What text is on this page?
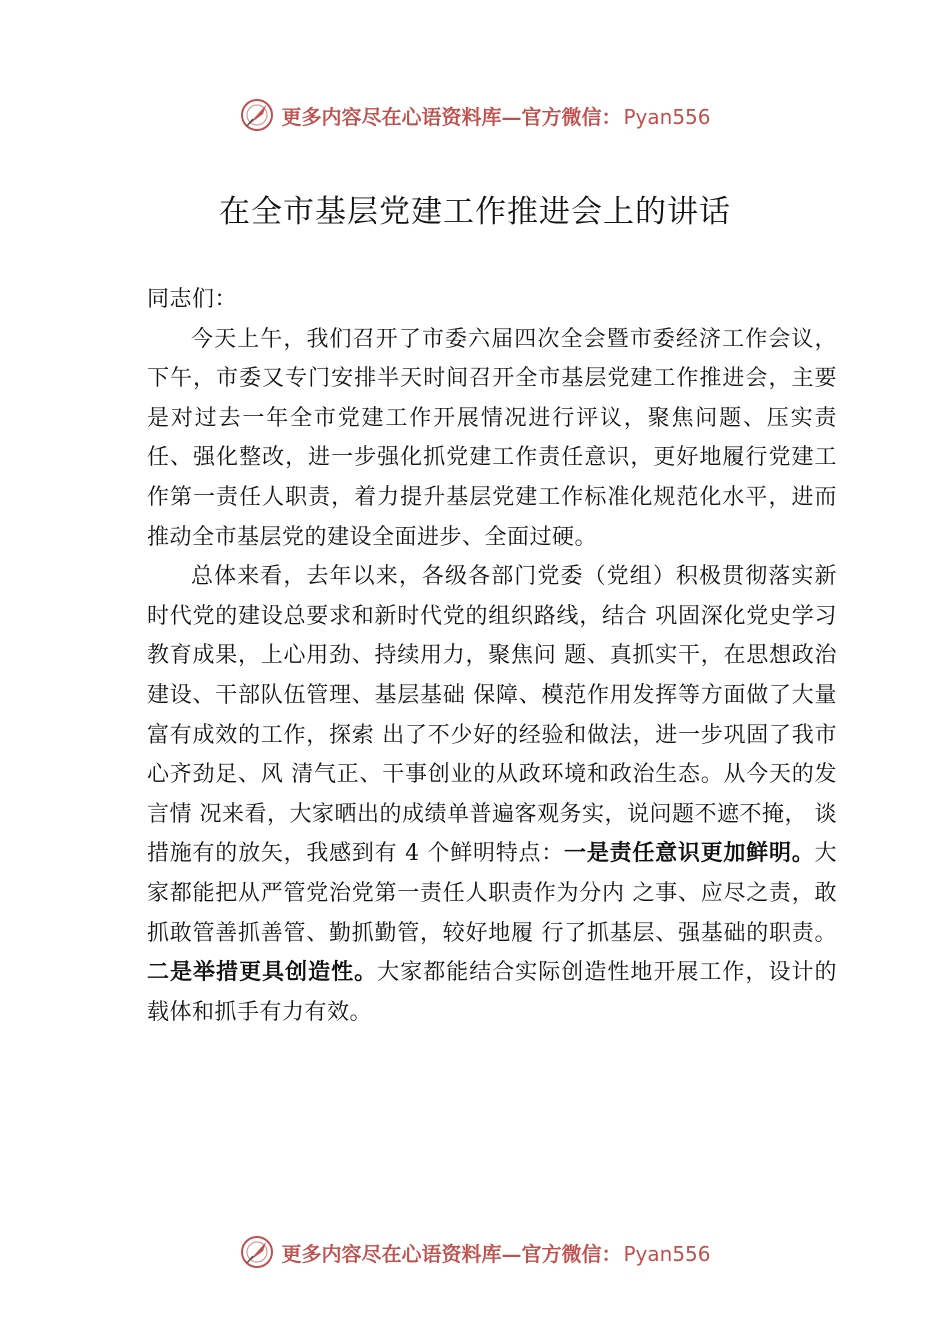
更多内容尽在心语资料库—官方微信： Pyan556
在全市基层党建工作推进会上的讲话

同志们：

今天上午，我们召开了市委六届四次全会暨市委经济工作会议，下午，市委又专门安排半天时间召开全市基层党建工作推进会，主要是对过去一年全市党建工作开展情况进行评议，聚焦问题、压实责任、强化整改，进一步强化抓党建工作责任意识，更好地履行党建工作第一责任人职责，着力提升基层党建工作标准化规范化水平，进而推动全市基层党的建设全面进步、全面过硬。

总体来看，去年以来，各级各部门党委（党组）积极贯彻落实新时代党的建设总要求和新时代党的组织路线，结合 巩固深化党史学习教育成果，上心用劲、持续用力，聚焦问 题、真抓实干，在思想政治建设、干部队伍管理、基层基础 保障、模范作用发挥等方面做了大量富有成效的工作，探索 出了不少好的经验和做法，进一步巩固了我市心齐劲足、风 清气正、干事创业的从政环境和政治生态。从今天的发言情 况来看，大家晒出的成绩单普遍客观务实，说问题不遮不掩， 谈措施有的放矢，我感到有 4 个鲜明特点：一是责任意识更加鲜明。大家都能把从严管党治党第一责任人职责作为分内 之事、应尽之责，敢抓敢管善抓善管、勤抓勤管，较好地履 行了抓基层、强基础的职责。二是举措更具创造性。大家都能结合实际创造性地开展工作，设计的载体和抓手有力有效。

更多内容尽在心语资料库—官方微信： Pyan556
